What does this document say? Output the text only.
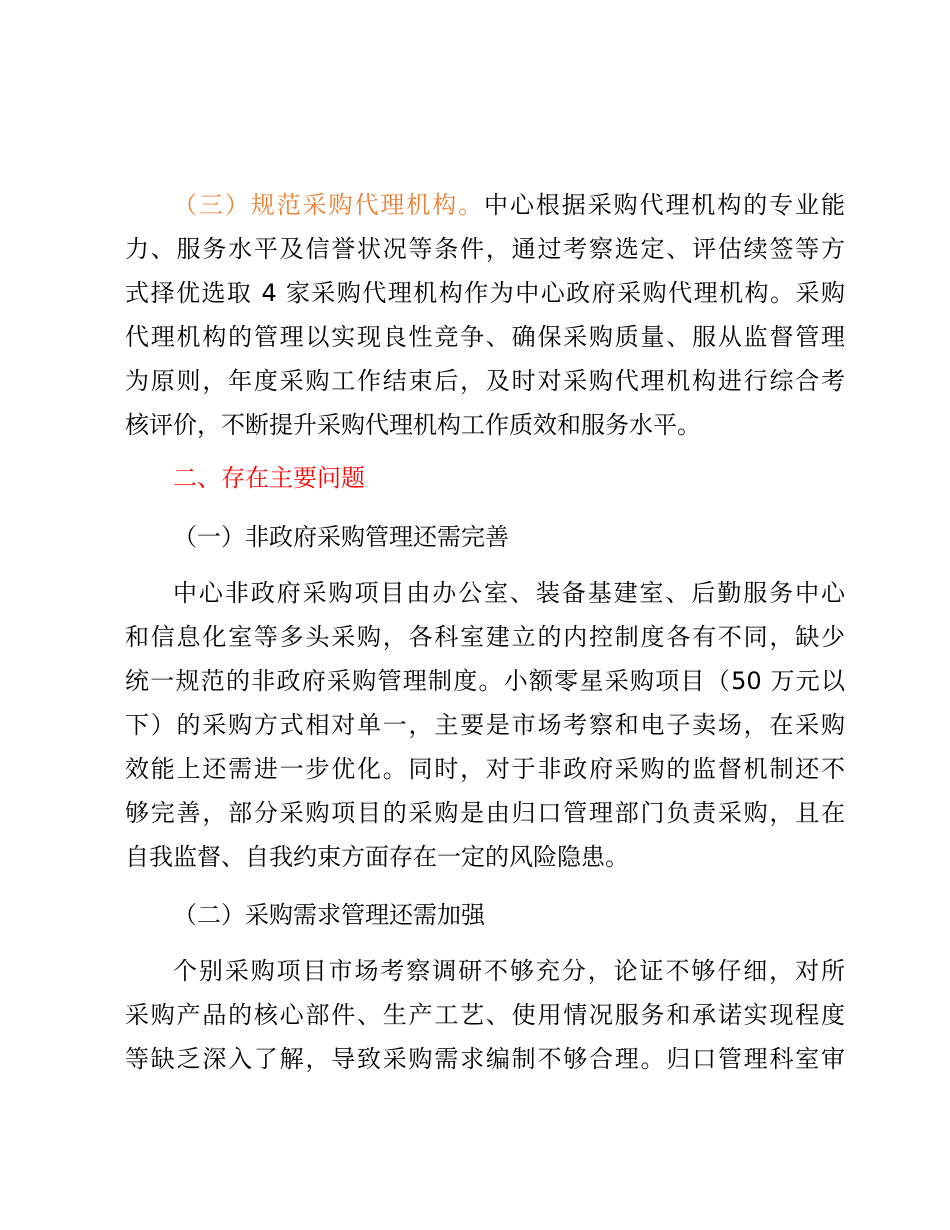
（三）规范采购代理机构。中心根据采购代理机构的专业能
力、服务水平及信誉状况等条件，通过考察选定、评估续签等方
式择优选取 4 家采购代理机构作为中心政府采购代理机构。采购
代理机构的管理以实现良性竞争、确保采购质量、服从监督管理
为原则，年度采购工作结束后，及时对采购代理机构进行综合考
核评价，不断提升采购代理机构工作质效和服务水平。
二、存在主要问题
（一）非政府采购管理还需完善
中心非政府采购项目由办公室、装备基建室、后勤服务中心
和信息化室等多头采购，各科室建立的内控制度各有不同，缺少
统一规范的非政府采购管理制度。小额零星采购项目（50 万元以
下）的采购方式相对单一，主要是市场考察和电子卖场，在采购
效能上还需进一步优化。同时，对于非政府采购的监督机制还不
够完善，部分采购项目的采购是由归口管理部门负责采购，且在
自我监督、自我约束方面存在一定的风险隐患。
（二）采购需求管理还需加强
个别采购项目市场考察调研不够充分，论证不够仔细，对所
采购产品的核心部件、生产工艺、使用情况服务和承诺实现程度
等缺乏深入了解，导致采购需求编制不够合理。归口管理科室审
